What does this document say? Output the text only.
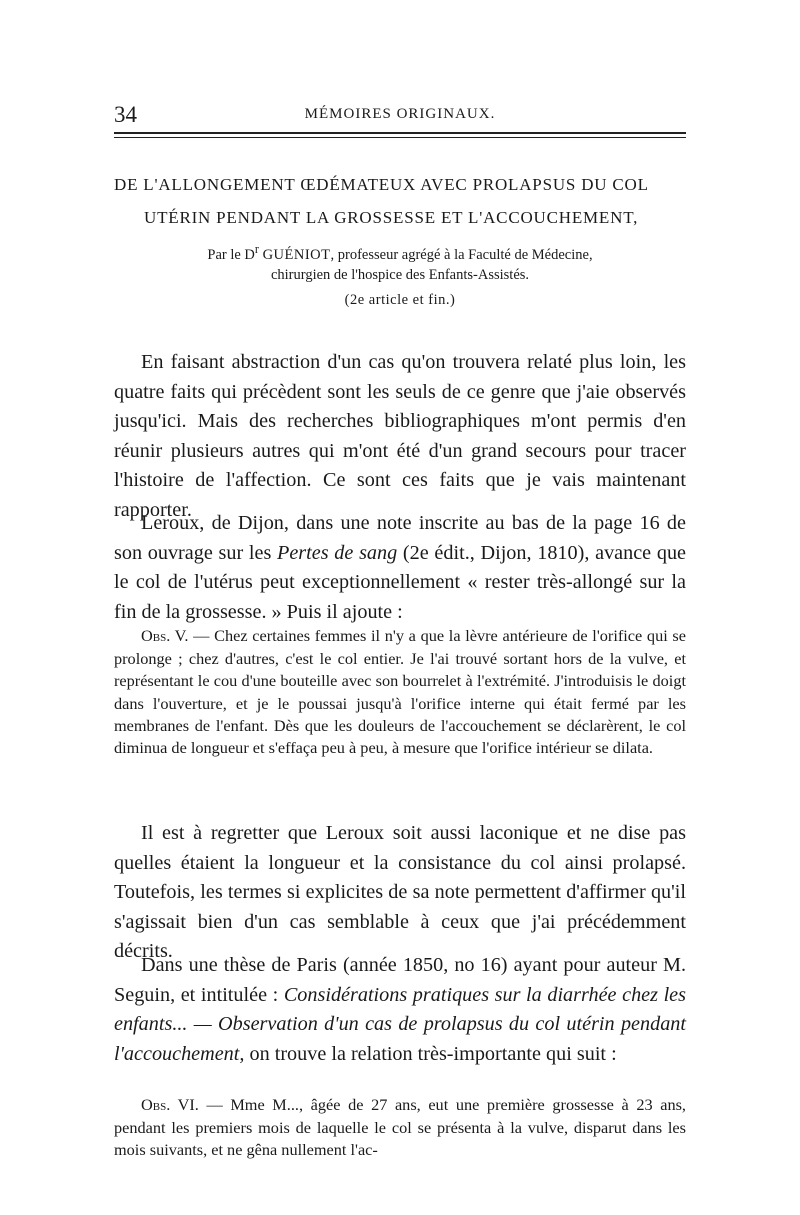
34	MÉMOIRES ORIGINAUX.
DE L'ALLONGEMENT ŒDÉMATEUX AVEC PROLAPSUS DU COL
UTÉRIN PENDANT LA GROSSESSE ET L'ACCOUCHEMENT,
Par le $D^r$ GUÉNIOT, professeur agrégé à la Faculté de Médecine,
chirurgien de l'hospice des Enfants-Assistés.
(2e article et fin.)

En faisant abstraction d'un cas qu'on trouvera relaté plus loin, les quatre faits qui précèdent sont les seuls de ce genre que j'aie observés jusqu'ici. Mais des recherches bibliographiques m'ont permis d'en réunir plusieurs autres qui m'ont été d'un grand secours pour tracer l'histoire de l'affection. Ce sont ces faits que je vais maintenant rapporter.

Leroux, de Dijon, dans une note inscrite au bas de la page 16 de son ouvrage sur les Pertes de sang (2e édit., Dijon, 1810), avance que le col de l'utérus peut exceptionnellement « rester très-allongé sur la fin de la grossesse. » Puis il ajoute :

Obs. V. — Chez certaines femmes il n'y a que la lèvre antérieure de l'orifice qui se prolonge ; chez d'autres, c'est le col entier. Je l'ai trouvé sortant hors de la vulve, et représentant le cou d'une bouteille avec son bourrelet à l'extrémité. J'introduisis le doigt dans l'ouverture, et je le poussai jusqu'à l'orifice interne qui était fermé par les membranes de l'enfant. Dès que les douleurs de l'accouchement se déclarèrent, le col diminua de longueur et s'effaça peu à peu, à mesure que l'orifice intérieur se dilata.

Il est à regretter que Leroux soit aussi laconique et ne dise pas quelles étaient la longueur et la consistance du col ainsi prolapsé. Toutefois, les termes si explicites de sa note permettent d'affirmer qu'il s'agissait bien d'un cas semblable à ceux que j'ai précédemment décrits.

Dans une thèse de Paris (année 1850, no 16) ayant pour auteur M. Seguin, et intitulée : Considérations pratiques sur la diarrhée chez les enfants... — Observation d'un cas de prolapsus du col utérin pendant l'accouchement, on trouve la relation très-importante qui suit :

Obs. VI. — Mme M..., âgée de 27 ans, eut une première grossesse à 23 ans, pendant les premiers mois de laquelle le col se présenta à la vulve, disparut dans les mois suivants, et ne gêna nullement l'ac-
